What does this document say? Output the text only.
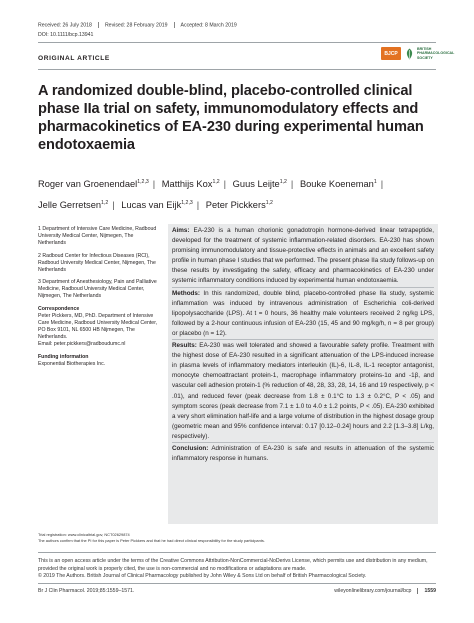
Received: 26 July 2018	Revised: 28 February 2019	Accepted: 8 March 2019
DOI: 10.1111/bcp.13941
ORIGINAL ARTICLE
BJCP
BRITISH
PHARMACOLOGICAL
SOCIETY
A randomized double-blind, placebo-controlled clinical phase IIa trial on safety, immunomodulatory effects and pharmacokinetics of EA-230 during experimental human endotoxaemia
Roger van Groenendael$^{1,2,3}$ | Matthijs Kox$^{1,2}$ | Guus Leijte$^{1,2}$ | Bouke Koeneman$^1$ |
Jelle Gerretsen$^{1,2}$ | Lucas van Eijk$^{1,2,3}$ | Peter Pickkers$^{1,2}$
1 Department of Intensive Care Medicine, Radboud University Medical Center, Nijmegen, The Netherlands
2 Radboud Center for Infectious Diseases (RCI), Radboud University Medical Center, Nijmegen, The Netherlands
3 Department of Anesthesiology, Pain and Palliative Medicine, Radboud University Medical Center, Nijmegen, The Netherlands
Correspondence
Peter Pickkers, MD, PhD. Department of Intensive Care Medicine, Radboud University Medical Center, PO Box 9101, NL 6500 HB Nijmegen, The Netherlands.
Email: peter.pickkers@radboudumc.nl
Funding information
Exponential Biotherapies Inc.
Aims: EA-230 is a human chorionic gonadotropin hormone-derived linear tetrapeptide, developed for the treatment of systemic inflammation-related disorders. EA-230 has shown promising immunomodulatory and tissue-protective effects in animals and an excellent safety profile in human phase I studies that we performed. The present phase IIa study follows-up on these results by investigating the safety, efficacy and pharmacokinetics of EA-230 under systemic inflammatory conditions induced by experimental human endotoxaemia.
Methods: In this randomized, double blind, placebo-controlled phase IIa study, systemic inflammation was induced by intravenous administration of Escherichia coli-derived lipopolysaccharide (LPS). At t = 0 hours, 36 healthy male volunteers received 2 ng/kg LPS, followed by a 2-hour continuous infusion of EA-230 (15, 45 and 90 mg/kg/h, n = 8 per group) or placebo (n = 12).
Results: EA-230 was well tolerated and showed a favourable safety profile. Treatment with the highest dose of EA-230 resulted in a significant attenuation of the LPS-induced increase in plasma levels of inflammatory mediators interleukin (IL)-6, IL-8, IL-1 receptor antagonist, monocyte chemoattractant protein-1, macrophage inflammatory proteins-1α and -1β, and vascular cell adhesion protein-1 (% reduction of 48, 28, 33, 28, 14, 16 and 19 respectively, p < .01), and reduced fever (peak decrease from 1.8 ± 0.1°C to 1.3 ± 0.2°C, P < .05) and symptom scores (peak decrease from 7.1 ± 1.0 to 4.0 ± 1.2 points, P < .05). EA-230 exhibited a very short elimination half-life and a large volume of distribution in the highest dosage group (geometric mean and 95% confidence interval: 0.17 [0.12–0.24] hours and 2.2 [1.3–3.8] L/kg, respectively).
Conclusion: Administration of EA-230 is safe and results in attenuation of the systemic inflammatory response in humans.
Trial registration: www.clinicaltrial.gov, NCT02629874
The authors confirm that the PI for this paper is Peter Pickkers and that he had direct clinical responsibility for the study participants.
This is an open access article under the terms of the Creative Commons Attribution-NonCommercial-NoDerivs License, which permits use and distribution in any medium, provided the original work is properly cited, the use is non-commercial and no modifications or adaptations are made.
© 2019 The Authors. British Journal of Clinical Pharmacology published by John Wiley & Sons Ltd on behalf of British Pharmacological Society.
Br J Clin Pharmacol. 2019;85:1559–1571.	wileyonlinelibrary.com/journal/bcp	1559
